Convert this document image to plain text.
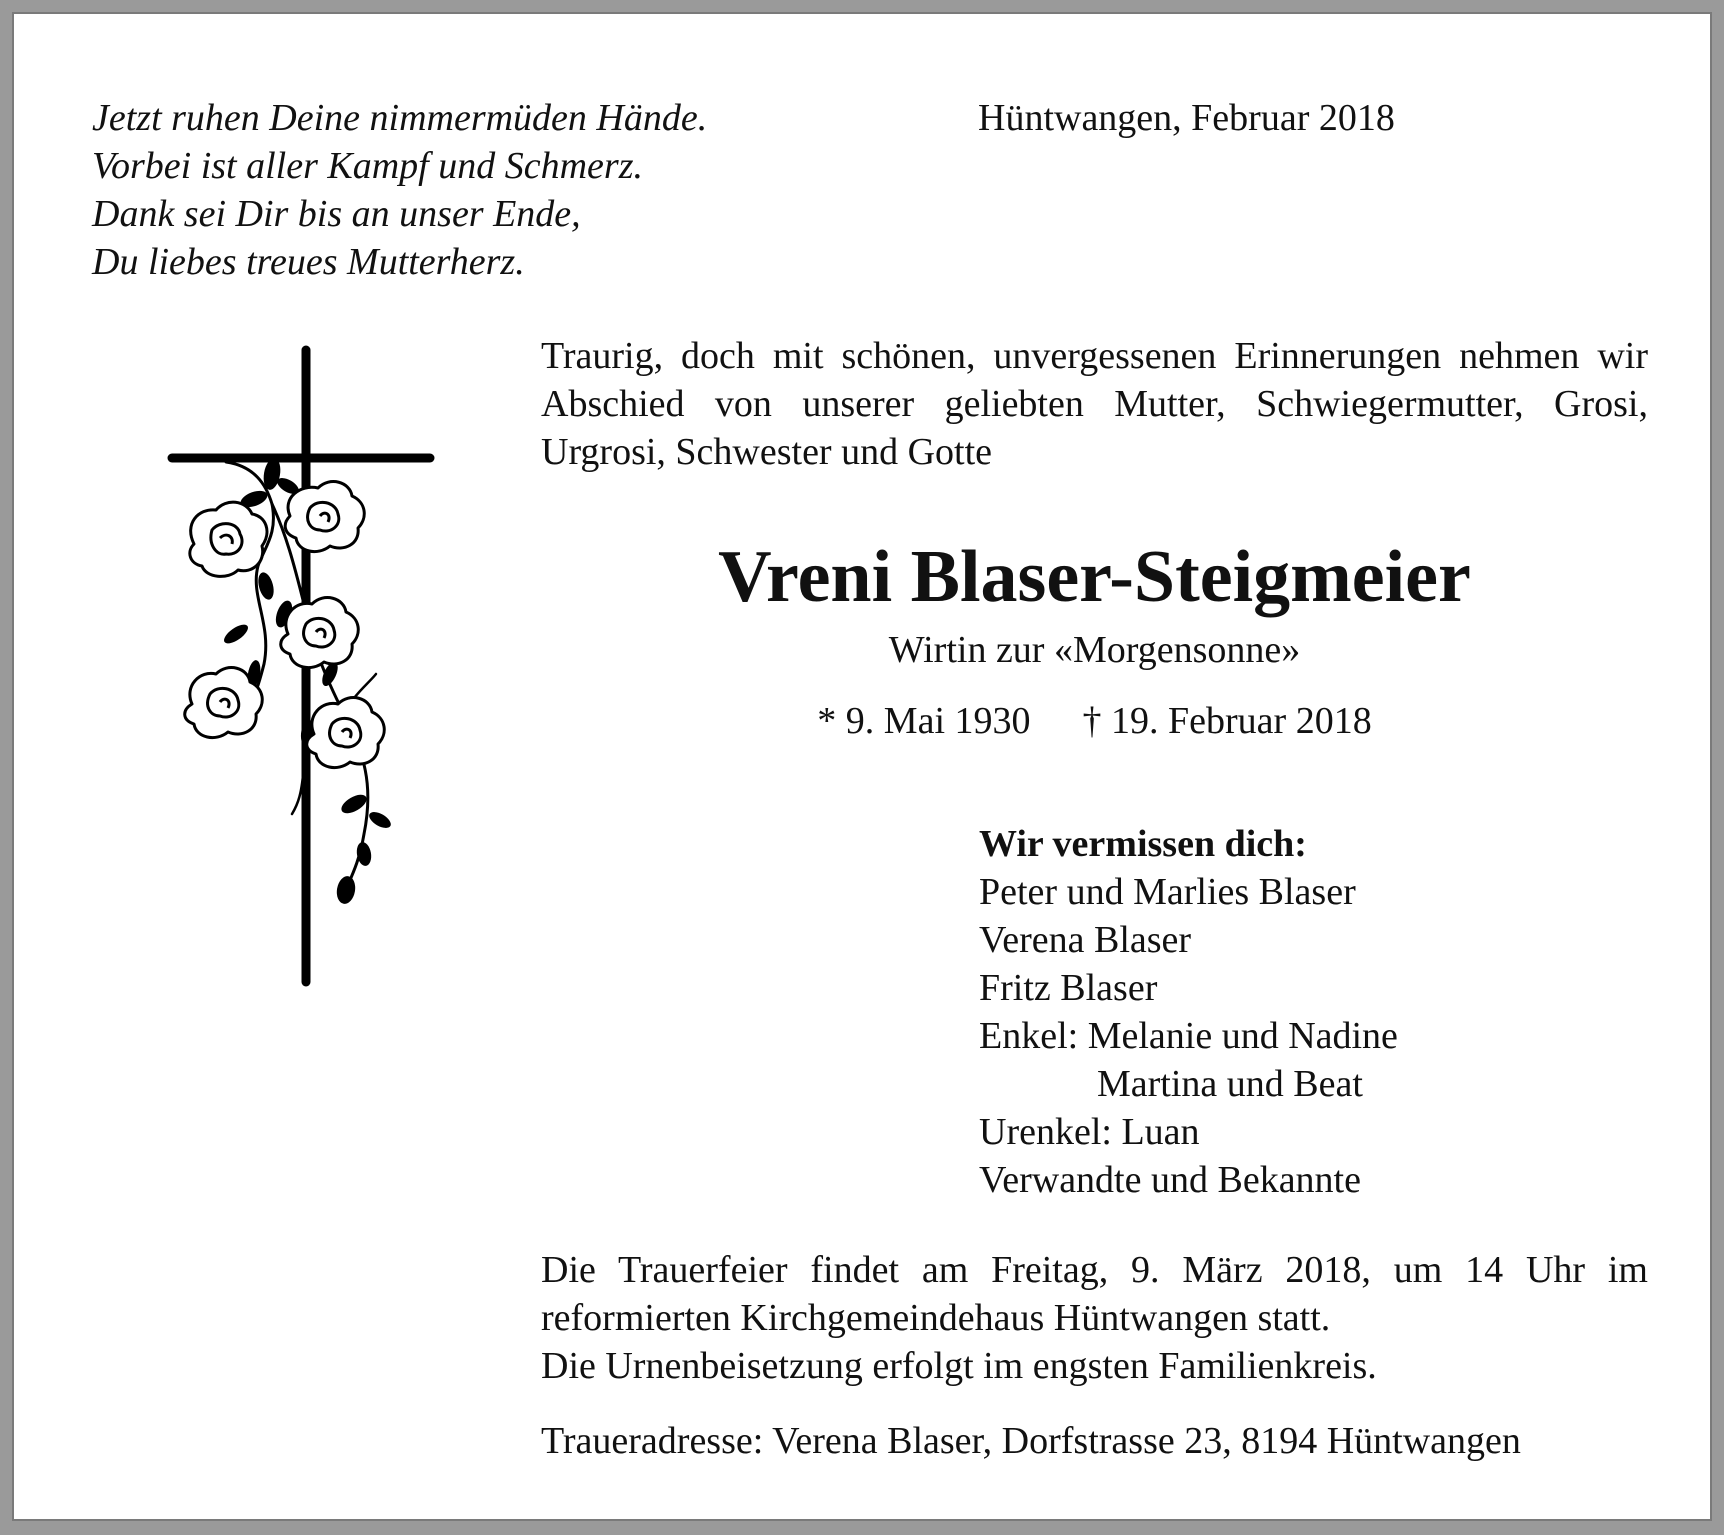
Jetzt ruhen Deine nimmermüden Hände.
Vorbei ist aller Kampf und Schmerz.
Dank sei Dir bis an unser Ende,
Du liebes treues Mutterherz.
Hüntwangen, Februar 2018
Traurig, doch mit schönen, unvergessenen Erinnerungen nehmen wir Abschied von unserer geliebten Mutter, Schwiegermutter, Grosi, Urgrosi, Schwester und Gotte
Vreni Blaser-Steigmeier
Wirtin zur «Morgensonne»
* 9. Mai 1930 † 19. Februar 2018
Wir vermissen dich:
Peter und Marlies Blaser
Verena Blaser
Fritz Blaser
Enkel: Melanie und Nadine
Martina und Beat
Urenkel: Luan
Verwandte und Bekannte
Die Trauerfeier findet am Freitag, 9. März 2018, um 14 Uhr im
reformierten Kirchgemeindehaus Hüntwangen statt.
Die Urnenbeisetzung erfolgt im engsten Familienkreis.
Traueradresse: Verena Blaser, Dorfstrasse 23, 8194 Hüntwangen
